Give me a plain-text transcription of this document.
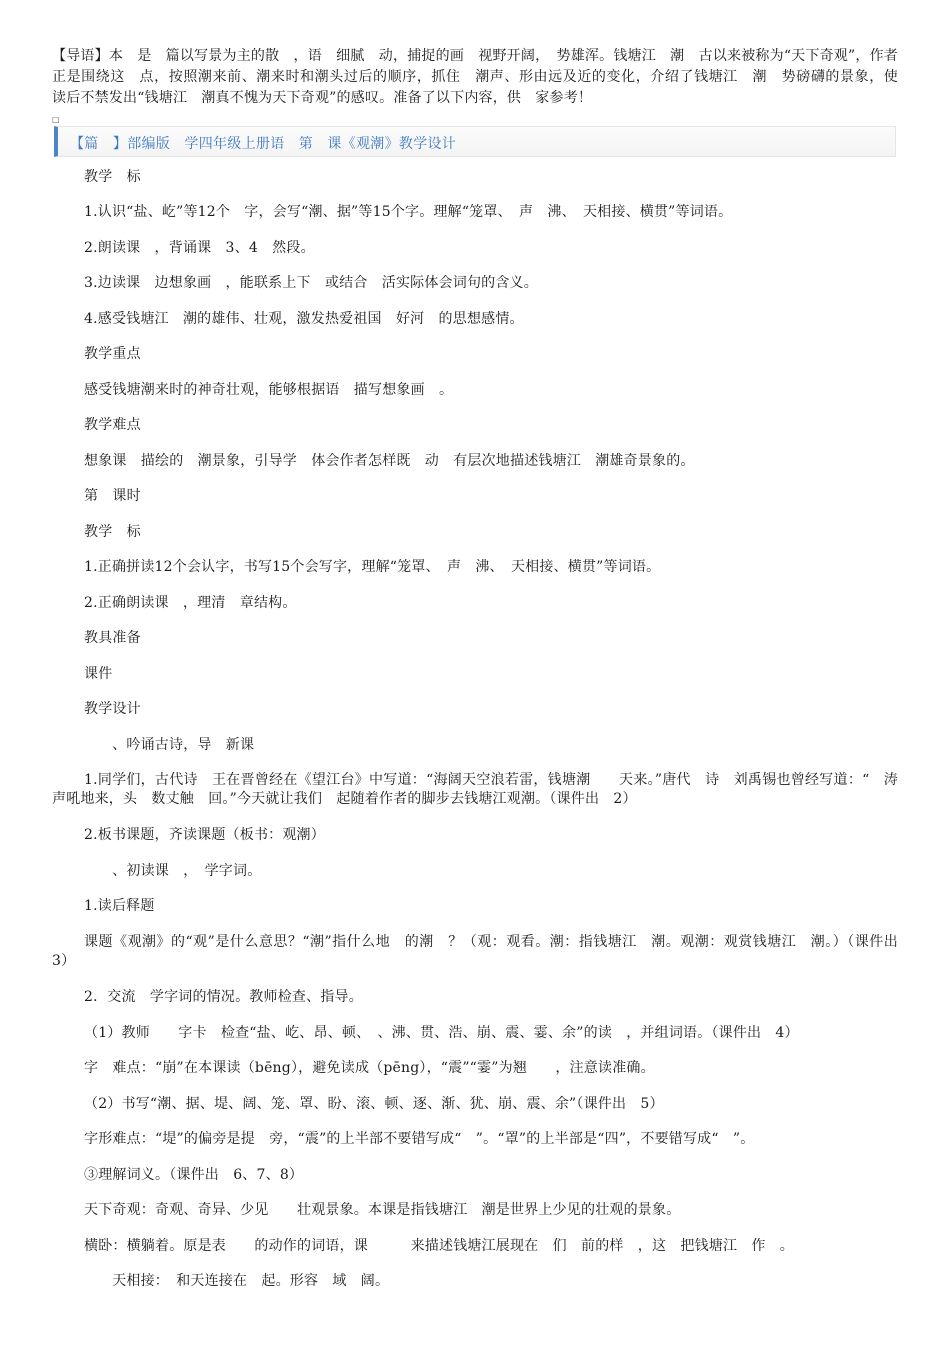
【导语】本　是　篇以写景为主的散　，语　细腻　动，捕捉的画　视野开阔，　势雄浑。钱塘江　潮　古以来被称为“天下奇观”，作者正是围绕这　点，按照潮来前、潮来时和潮头过后的顺序，抓住　潮声、形由远及近的变化，介绍了钱塘江　潮　势磅礴的景象，使　读后不禁发出“钱塘江　潮真不愧为天下奇观”的感叹。准备了以下内容，供　家参考！
□
【篇　】部编版　学四年级上册语　第　课《观潮》教学设计
教学　标
1.认识“盐、屹”等12个　字，会写“潮、据”等15个字。理解“笼罩、　声　沸、　天相接、横贯”等词语。
2.朗读课　，背诵课　3、4　然段。
3.边读课　边想象画　，能联系上下　或结合　活实际体会词句的含义。
4.感受钱塘江　潮的雄伟、壮观，激发热爱祖国　好河　的思想感情。
教学重点
感受钱塘潮来时的神奇壮观，能够根据语　描写想象画　。
教学难点
想象课　描绘的　潮景象，引导学　体会作者怎样既　动　有层次地描述钱塘江　潮雄奇景象的。
第　课时
教学　标
1.正确拼读12个会认字，书写15个会写字，理解“笼罩、　声　沸、　天相接、横贯”等词语。
2.正确朗读课　，理清　章结构。
教具准备
课件
教学设计
　、吟诵古诗，导　新课
1.同学们，古代诗　王在晋曾经在《望江台》中写道：“海阔天空浪若雷，钱塘潮　　天来。”唐代　诗　刘禹锡也曾经写道：“　涛声吼地来，头　数丈触　回。”今天就让我们　起随着作者的脚步去钱塘江观潮。（课件出　2）
2.板书课题，齐读课题（板书：观潮）
　、初读课　，　学字词。
1.读后释题
课题《观潮》的“观”是什么意思？“潮”指什么地　的潮　？（观：观看。潮：指钱塘江　潮。观潮：观赏钱塘江　潮。）（课件出　3）
2．交流　学字词的情况。教师检查、指导。
（1）教师　　字卡　检查“盐、屹、昂、顿、　、沸、贯、浩、崩、震、霎、余”的读　，并组词语。（课件出　4）
字　难点：“崩”在本课读（bēng），避免读成（pēng），“震”“霎”为翘　　，注意读准确。
（2）书写“潮、据、堤、阔、笼、罩、盼、滚、顿、逐、渐、犹、崩、震、余”（课件出　5）
字形难点：“堤”的偏旁是提　旁，“震”的上半部不要错写成“　”。“罩”的上半部是“四”，不要错写成“　”。
③理解词义。（课件出　6、7、8）
天下奇观：奇观、奇异、少见　　壮观景象。本课是指钱塘江　潮是世界上少见的壮观的景象。
横卧：横躺着。原是表　　的动作的词语，课　　　来描述钱塘江展现在　们　前的样　，这　把钱塘江　作　。
　天相接：　和天连接在　起。形容　域　阔。
